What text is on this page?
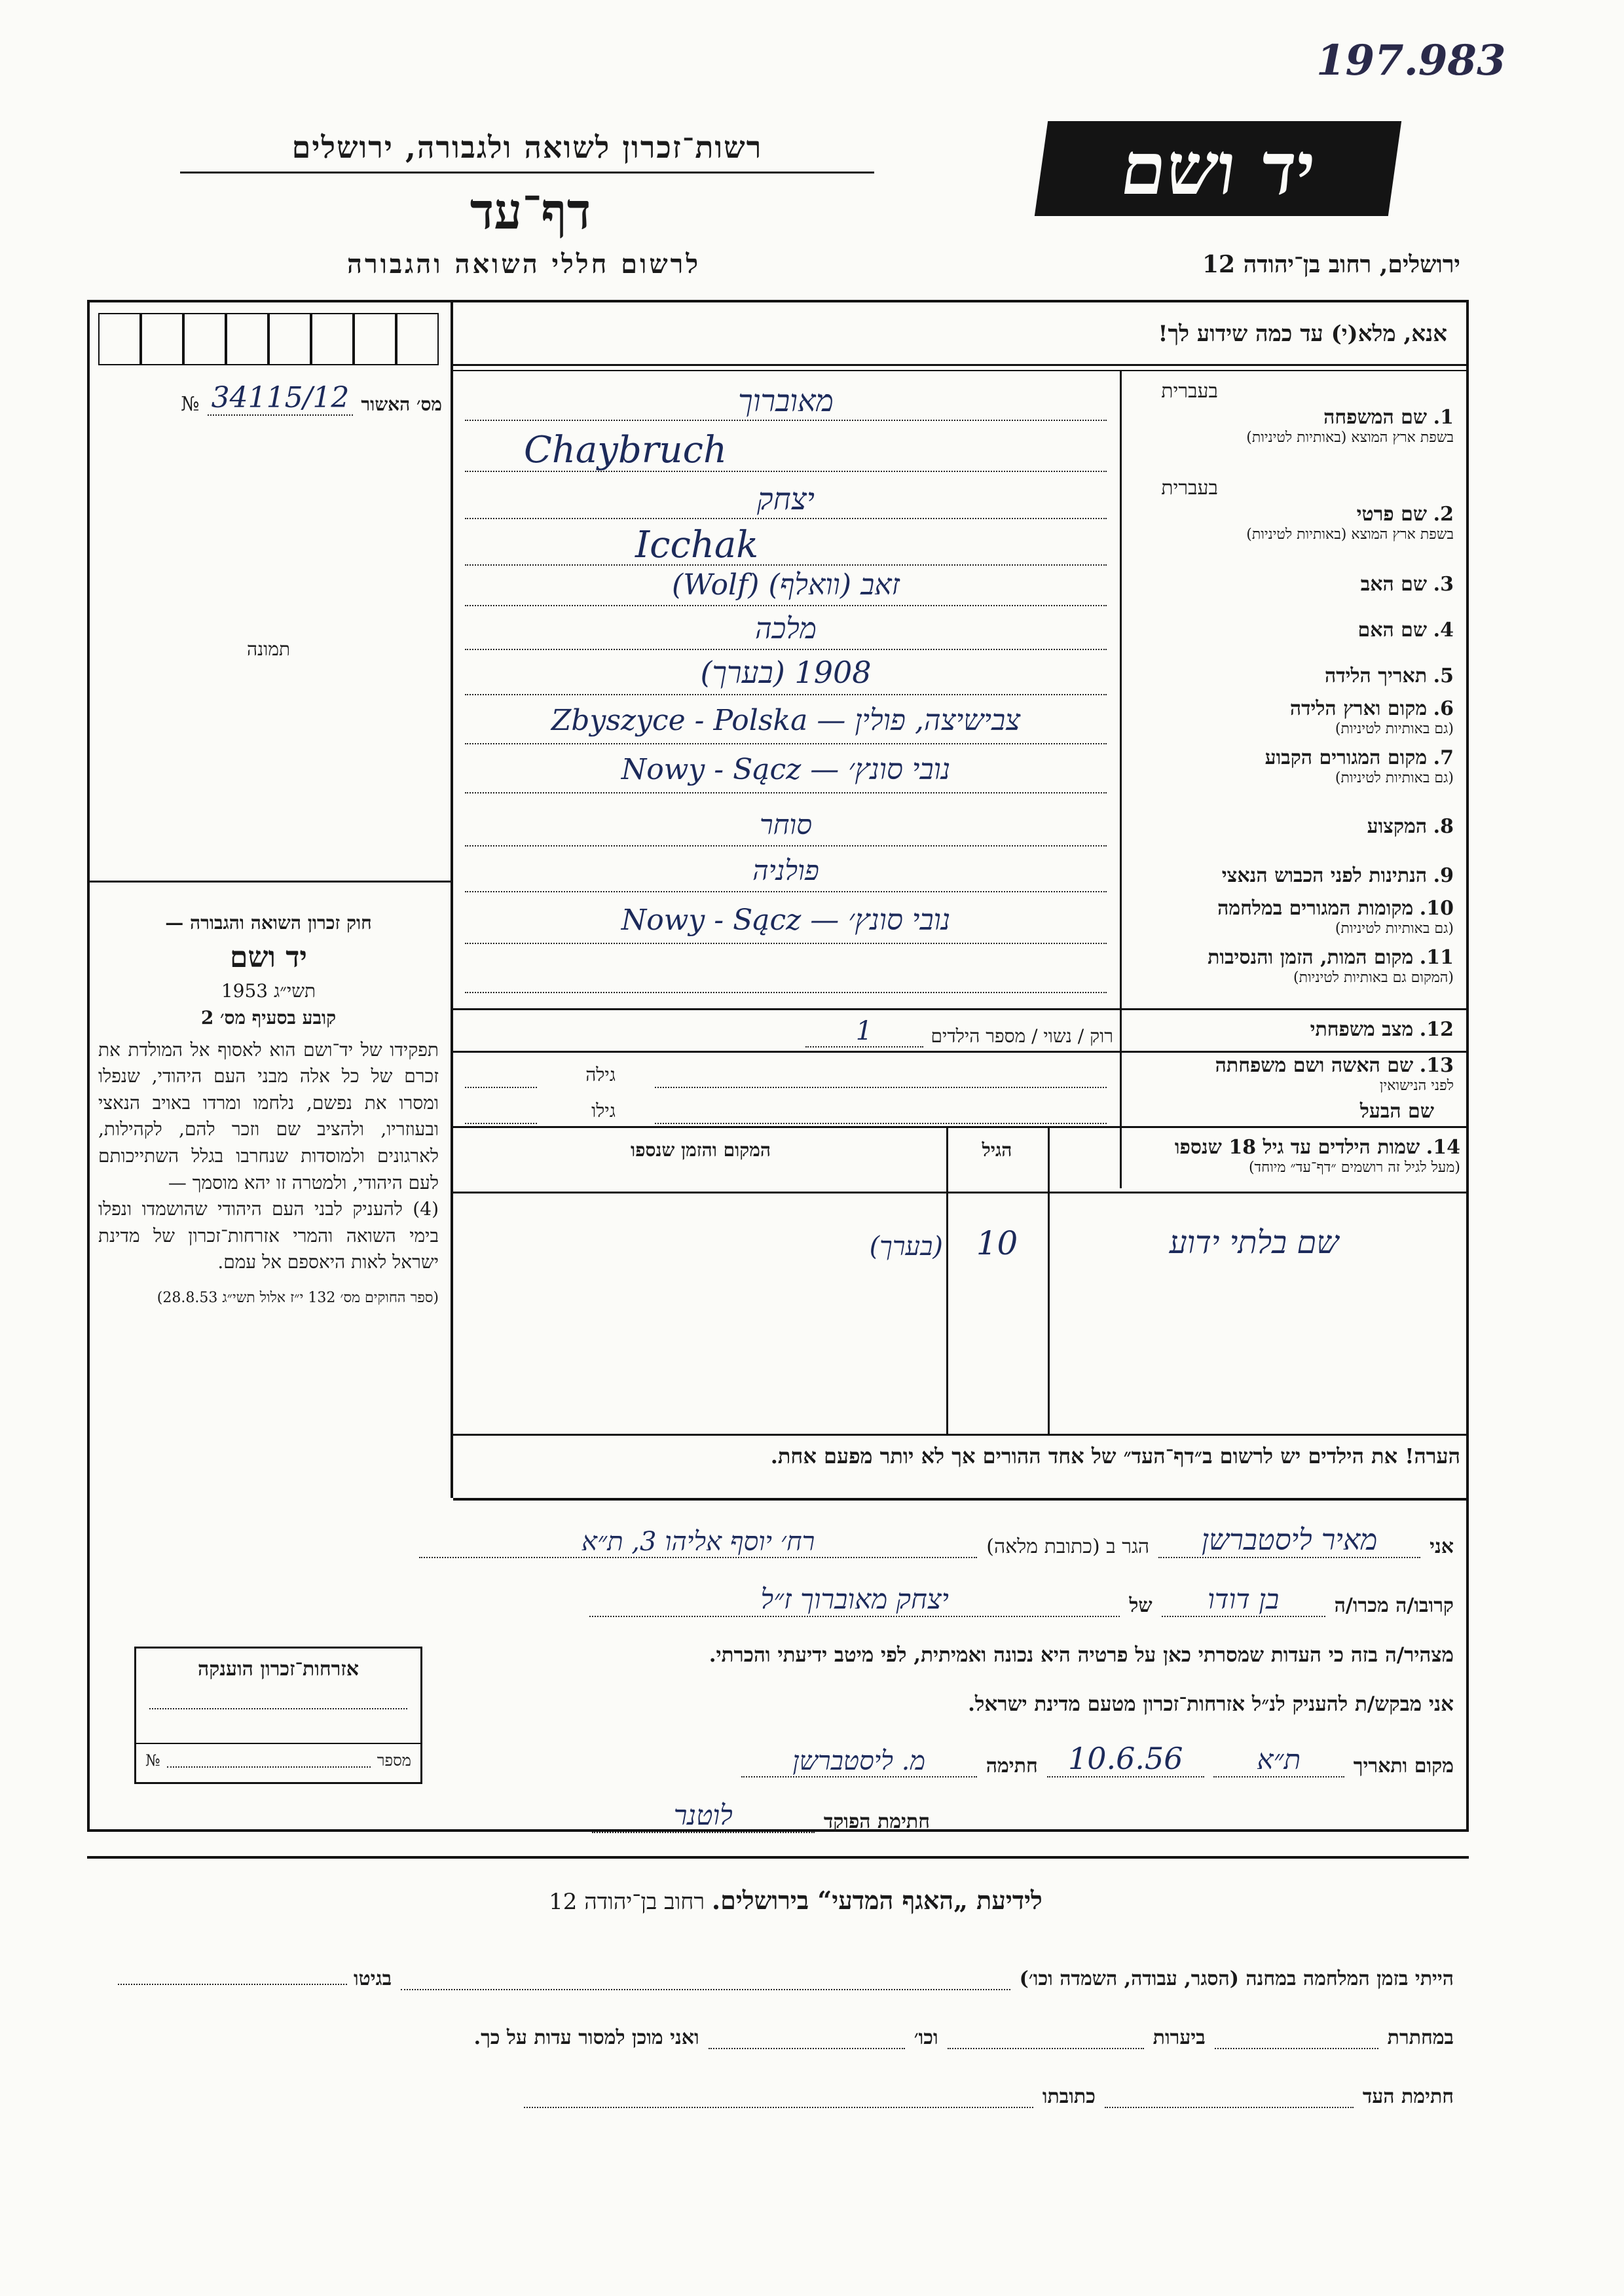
197.983
יד ושם
ירושלים, רחוב בן־יהודה 12
רשות־זכרון לשואה ולגבורה, ירושלים
דף־עד
לרשום חללי השואה והגבורה
אנא, מלא(י) עד כמה שידוע לך!
מס׳ האשור
34115/12
№
תמונה
חוק זכרון השואה והגבורה —
יד ושם
תשי״ג 1953
קובע בסעיף מס׳ 2
תפקידו של יד־ושם הוא לאסוף אל המולדת את זכרם של כל אלה מבני העם היהודי, שנפלו ומסרו את נפשם, נלחמו ומרדו באויב הנאצי ובעוזריו, ולהציב שם וזכר להם, לקהילות, לארגונים ולמוסדות שנחרבו בגלל השתייכותם לעם היהודי, ולמטרה זו יהא מוסמך —
(4) להעניק לבני העם היהודי שהושמדו ונפלו בימי השואה והמרי אזרחות־זכרון של מדינת ישראל לאות היאספם אל עמם.
(ספר החוקים מס׳ 132 י״ז אלול תשי״ג 28.8.53)
בעברית
1. שם המשפחה
בשפת ארץ המוצא (באותיות לטיניות)
מאוברוך
Chaybruch
בעברית
2. שם פרטי
בשפת ארץ המוצא (באותיות לטיניות)
יצחק
Icchak
3. שם האב
זאב (וואלף) (Wolf)
4. שם האם
מלכה
5. תאריך הלידה
1908 (בערך)
6. מקום וארץ הלידה
(גם באותיות לטיניות)
Zbyszyce - Polska — צבישיצה, פולין
7. מקום המגורים הקבוע
(גם באותיות לטיניות)
Nowy - Sącz — נובי סונץ׳
8. המקצוע
סוחר
9. הנתינות לפני הכבוש הנאצי
פולניה
10. מקומות המגורים במלחמה
(גם באותיות לטיניות)
Nowy - Sącz — נובי סונץ׳
11. מקום המות, הזמן והנסיבות
(המקום גם באותיות לטיניות)
12. מצב משפחתי
רוק / נשוי / מספר הילדים
1
13. שם האשה ושם משפחתה
לפני הנישואין
גילה
שם הבעל
גילו
14. שמות הילדים עד גיל 18 שנספו
(מעל לגיל זה רושמים ״דף־עד״ מיוחד)
הגיל
המקום והזמן שנספו
שם בלתי ידוע
10
(בערך)
הערה! את הילדים יש לרשום ב״דף־העד״ של אחד ההורים אך לא יותר מפעם אחת.
אני
מאיר ליסטברשן
הגר ב (כתובת מלאה)
רח׳ יוסף אליהו 3, ת״א
קרובו/ה מכרו/ה
בן דודו
של
יצחק מאוברוך ז״ל
מצהיר/ה בזה כי העדות שמסרתי כאן על פרטיה היא נכונה ואמיתית, לפי מיטב ידיעתי והכרתי.
אני מבקש/ת להעניק לנ״ל אזרחות־זכרון מטעם מדינת ישראל.
מקום ותאריך
ת״א
10.6.56
חתימה
מ. ליסטברשן
חתימת הפוקד
לוטנר
אזרחות־זכרון הוענקה
מספר
№
לידיעת „האגף המדעי“ בירושלים. רחוב בן־יהודה 12
הייתי בזמן המלחמה במחנה (הסגר, עבודה, השמדה וכו׳)
בגיטו
במחתרת
ביערות
וכו׳
ואני מוכן למסור עדות על כך.
חתימת העד
כתובתו
